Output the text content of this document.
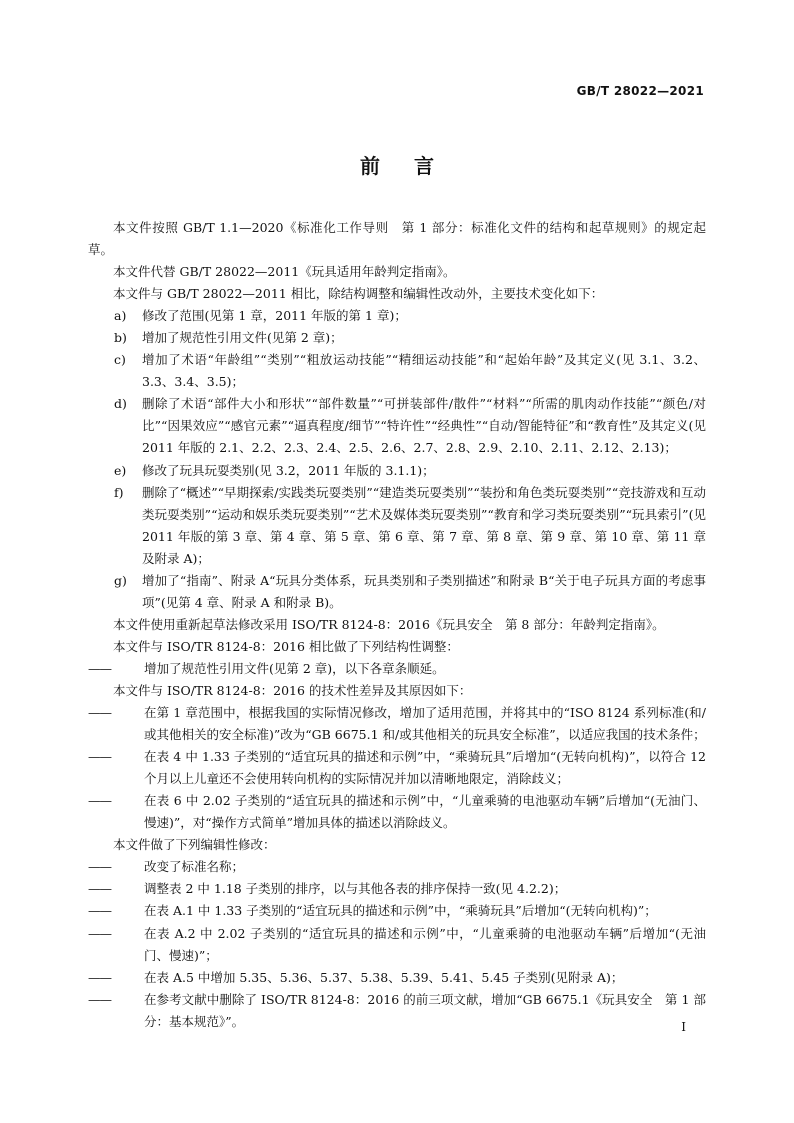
GB/T 28022—2021
前言

本文件按照 GB/T 1.1—2020《标准化工作导则　第 1 部分：标准化文件的结构和起草规则》的规定起草。

本文件代替 GB/T 28022—2011《玩具适用年龄判定指南》。

本文件与 GB/T 28022—2011 相比，除结构调整和编辑性改动外，主要技术变化如下：

a)	修改了范围(见第 1 章，2011 年版的第 1 章)；
b)	增加了规范性引用文件(见第 2 章)；
c)	增加了术语“年龄组”“类别”“粗放运动技能”“精细运动技能”和“起始年龄”及其定义(见 3.1、3.2、3.3、3.4、3.5)；
d)	删除了术语“部件大小和形状”“部件数量”“可拼装部件/散件”“材料”“所需的肌肉动作技能”“颜色/对比”“因果效应”“感官元素”“逼真程度/细节”“特许性”“经典性”“自动/智能特征”和“教育性”及其定义(见 2011 年版的 2.1、2.2、2.3、2.4、2.5、2.6、2.7、2.8、2.9、2.10、2.11、2.12、2.13)；
e)	修改了玩具玩耍类别(见 3.2，2011 年版的 3.1.1)；
f)	删除了“概述”“早期探索/实践类玩耍类别”“建造类玩耍类别”“装扮和角色类玩耍类别”“竞技游戏和互动类玩耍类别”“运动和娱乐类玩耍类别”“艺术及媒体类玩耍类别”“教育和学习类玩耍类别”“玩具索引”(见 2011 年版的第 3 章、第 4 章、第 5 章、第 6 章、第 7 章、第 8 章、第 9 章、第 10 章、第 11 章及附录 A)；
g)	增加了“指南”、附录 A“玩具分类体系，玩具类别和子类别描述”和附录 B“关于电子玩具方面的考虑事项”(见第 4 章、附录 A 和附录 B)。

本文件使用重新起草法修改采用 ISO/TR 8124-8：2016《玩具安全　第 8 部分：年龄判定指南》。

本文件与 ISO/TR 8124-8：2016 相比做了下列结构性调整：

——	增加了规范性引用文件(见第 2 章)，以下各章条顺延。

本文件与 ISO/TR 8124-8：2016 的技术性差异及其原因如下：

——	在第 1 章范围中，根据我国的实际情况修改，增加了适用范围，并将其中的“ISO 8124 系列标准(和/或其他相关的安全标准)”改为“GB 6675.1 和/或其他相关的玩具安全标准”，以适应我国的技术条件；
——	在表 4 中 1.33 子类别的“适宜玩具的描述和示例”中，“乘骑玩具”后增加“(无转向机构)”，以符合 12 个月以上儿童还不会使用转向机构的实际情况并加以清晰地限定，消除歧义；
——	在表 6 中 2.02 子类别的“适宜玩具的描述和示例”中，“儿童乘骑的电池驱动车辆”后增加“(无油门、慢速)”，对“操作方式简单”增加具体的描述以消除歧义。

本文件做了下列编辑性修改：

——	改变了标准名称；
——	调整表 2 中 1.18 子类别的排序，以与其他各表的排序保持一致(见 4.2.2)；
——	在表 A.1 中 1.33 子类别的“适宜玩具的描述和示例”中，“乘骑玩具”后增加“(无转向机构)”；
——	在表 A.2 中 2.02 子类别的“适宜玩具的描述和示例”中，“儿童乘骑的电池驱动车辆”后增加“(无油门、慢速)”；
——	在表 A.5 中增加 5.35、5.36、5.37、5.38、5.39、5.41、5.45 子类别(见附录 A)；
——	在参考文献中删除了 ISO/TR 8124-8：2016 的前三项文献，增加“GB 6675.1《玩具安全　第 1 部分：基本规范》”。	I
